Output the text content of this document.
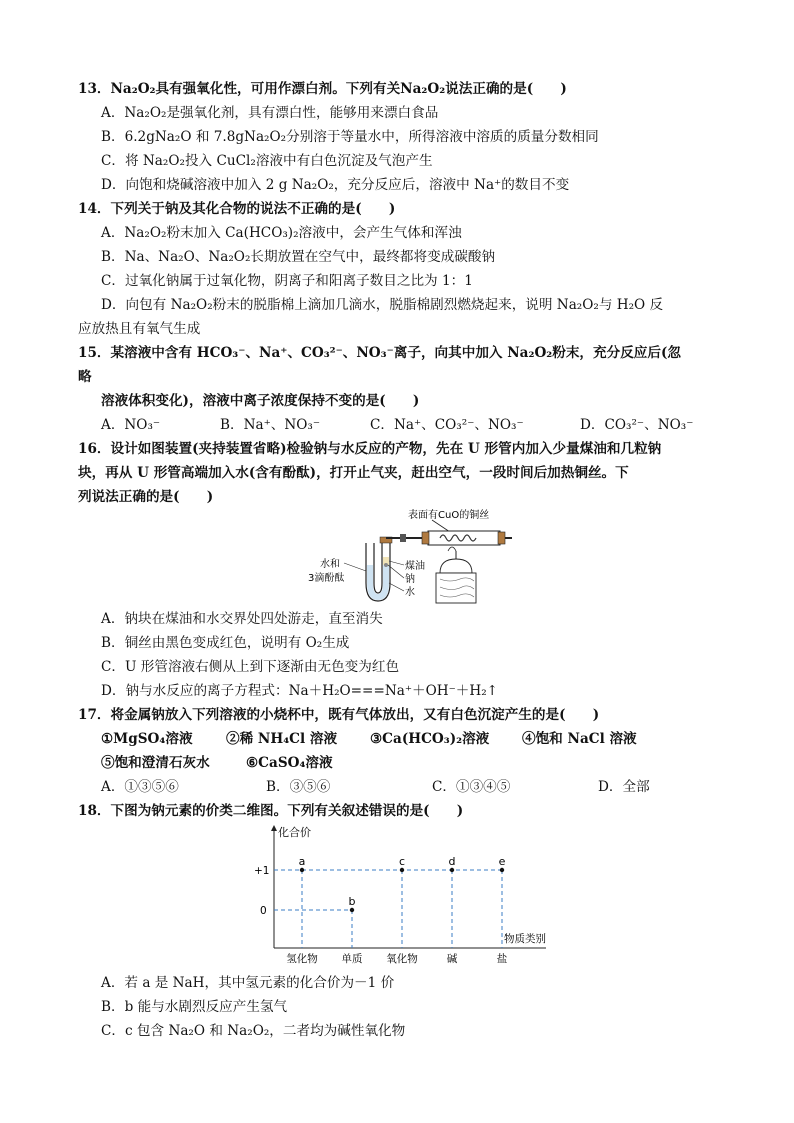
13．Na₂O₂具有强氧化性，可用作漂白剂。下列有关Na₂O₂说法正确的是(　　)
A．Na₂O₂是强氧化剂，具有漂白性，能够用来漂白食品
B．6.2gNa₂O 和 7.8gNa₂O₂分别溶于等量水中，所得溶液中溶质的质量分数相同
C．将 Na₂O₂投入 CuCl₂溶液中有白色沉淀及气泡产生
D．向饱和烧碱溶液中加入 2 g Na₂O₂，充分反应后，溶液中 Na⁺的数目不变
14．下列关于钠及其化合物的说法不正确的是(　　)
A．Na₂O₂粉末加入 Ca(HCO₃)₂溶液中，会产生气体和浑浊
B．Na、Na₂O、Na₂O₂长期放置在空气中，最终都将变成碳酸钠
C．过氧化钠属于过氧化物，阴离子和阳离子数目之比为 1：1
D．向包有 Na₂O₂粉末的脱脂棉上滴加几滴水，脱脂棉剧烈燃烧起来，说明 Na₂O₂与 H₂O 反
应放热且有氧气生成
15．某溶液中含有 HCO₃⁻、Na⁺、CO₃²⁻、NO₃⁻离子，向其中加入 Na₂O₂粉末，充分反应后(忽
略
溶液体积变化)，溶液中离子浓度保持不变的是(　　)
A．NO₃⁻	B．Na⁺、NO₃⁻	C．Na⁺、CO₃²⁻、NO₃⁻	D．CO₃²⁻、NO₃⁻
16．设计如图装置(夹持装置省略)检验钠与水反应的产物，先在 U 形管内加入少量煤油和几粒钠
块，再从 U 形管高端加入水(含有酚酞)，打开止气夹，赶出空气，一段时间后加热铜丝。下
列说法正确的是(　　)
表面有CuO的铜丝
水和
3滴酚酞
煤油
钠
水
A．钠块在煤油和水交界处四处游走，直至消失
B．铜丝由黑色变成红色，说明有 O₂生成
C．U 形管溶液右侧从上到下逐渐由无色变为红色
D．钠与水反应的离子方程式：Na＋H₂O===Na⁺＋OH⁻＋H₂↑
17．将金属钠放入下列溶液的小烧杯中，既有气体放出，又有白色沉淀产生的是(　　)
①MgSO₄溶液 ②稀 NH₄Cl 溶液 ③Ca(HCO₃)₂溶液 ④饱和 NaCl 溶液
⑤饱和澄清石灰水	⑥CaSO₄溶液
A．①③⑤⑥	B．③⑤⑥	C．①③④⑤	D．全部
18．下图为钠元素的价类二维图。下列有关叙述错误的是(　　)
化合价
物质类别
+1
0
氢化物 单质 氧化物	碱	盐
a
b
c	d	e
A．若 a 是 NaH，其中氢元素的化合价为－1 价
B．b 能与水剧烈反应产生氢气
C．c 包含 Na₂O 和 Na₂O₂，二者均为碱性氧化物
